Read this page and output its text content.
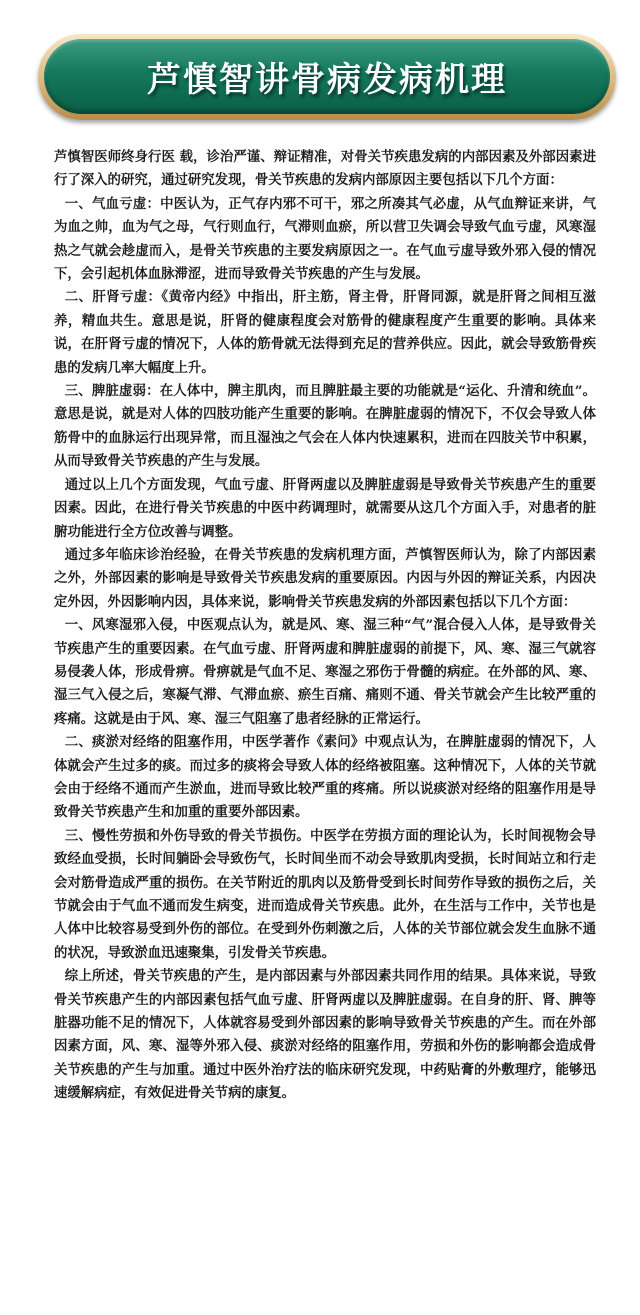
芦慎智讲骨病发病机理

芦慎智医师终身行医 载，诊治严谨、辩证精准，对骨关节疾患发病的内部因素及外部因素进行了深入的研究，通过研究发现，骨关节疾患的发病内部原因主要包括以下几个方面：

一、气血亏虚：中医认为，正气存内邪不可干，邪之所凑其气必虚，从气血辩证来讲，气为血之帅，血为气之母，气行则血行，气滞则血瘀，所以营卫失调会导致气血亏虚，风寒湿热之气就会趁虚而入，是骨关节疾患的主要发病原因之一。在气血亏虚导致外邪入侵的情况下，会引起机体血脉滞涩，进而导致骨关节疾患的产生与发展。

二、肝肾亏虚：《黄帝内经》中指出，肝主筋，肾主骨，肝肾同源，就是肝肾之间相互滋养，精血共生。意思是说，肝肾的健康程度会对筋骨的健康程度产生重要的影响。具体来说，在肝肾亏虚的情况下，人体的筋骨就无法得到充足的营养供应。因此，就会导致筋骨疾患的发病几率大幅度上升。

三、脾脏虚弱：在人体中，脾主肌肉，而且脾脏最主要的功能就是“运化、升清和统血”。意思是说，就是对人体的四肢功能产生重要的影响。在脾脏虚弱的情况下，不仅会导致人体筋骨中的血脉运行出现异常，而且湿浊之气会在人体内快速累积，进而在四肢关节中积累，从而导致骨关节疾患的产生与发展。

通过以上几个方面发现，气血亏虚、肝肾两虚以及脾脏虚弱是导致骨关节疾患产生的重要因素。因此，在进行骨关节疾患的中医中药调理时，就需要从这几个方面入手，对患者的脏腑功能进行全方位改善与调整。

通过多年临床诊治经验，在骨关节疾患的发病机理方面，芦慎智医师认为，除了内部因素之外，外部因素的影响是导致骨关节疾患发病的重要原因。内因与外因的辩证关系，内因决定外因，外因影响内因，具体来说，影响骨关节疾患发病的外部因素包括以下几个方面：

一、风寒湿邪入侵，中医观点认为，就是风、寒、湿三种“气”混合侵入人体，是导致骨关节疾患产生的重要因素。在气血亏虚、肝肾两虚和脾脏虚弱的前提下，风、寒、湿三气就容易侵袭人体，形成骨痹。骨痹就是气血不足、寒湿之邪伤于骨髓的病症。在外部的风、寒、湿三气入侵之后，寒凝气滞、气滞血瘀、瘀生百痛、痛则不通、骨关节就会产生比较严重的疼痛。这就是由于风、寒、湿三气阻塞了患者经脉的正常运行。

二、痰淤对经络的阻塞作用，中医学著作《素问》中观点认为，在脾脏虚弱的情况下，人体就会产生过多的痰。而过多的痰将会导致人体的经络被阻塞。这种情况下，人体的关节就会由于经络不通而产生淤血，进而导致比较严重的疼痛。所以说痰淤对经络的阻塞作用是导致骨关节疾患产生和加重的重要外部因素。

三、慢性劳损和外伤导致的骨关节损伤。中医学在劳损方面的理论认为，长时间视物会导致经血受损，长时间躺卧会导致伤气，长时间坐而不动会导致肌肉受损，长时间站立和行走会对筋骨造成严重的损伤。在关节附近的肌肉以及筋骨受到长时间劳作导致的损伤之后，关节就会由于气血不通而发生病变，进而造成骨关节疾患。此外，在生活与工作中，关节也是人体中比较容易受到外伤的部位。在受到外伤刺激之后，人体的关节部位就会发生血脉不通的状况，导致淤血迅速聚集，引发骨关节疾患。

综上所述，骨关节疾患的产生，是内部因素与外部因素共同作用的结果。具体来说，导致骨关节疾患产生的内部因素包括气血亏虚、肝肾两虚以及脾脏虚弱。在自身的肝、肾、脾等脏器功能不足的情况下，人体就容易受到外部因素的影响导致骨关节疾患的产生。而在外部因素方面，风、寒、湿等外邪入侵、痰淤对经络的阻塞作用，劳损和外伤的影响都会造成骨关节疾患的产生与加重。通过中医外治疗法的临床研究发现，中药贴膏的外敷理疗，能够迅速缓解病症，有效促进骨关节病的康复。
